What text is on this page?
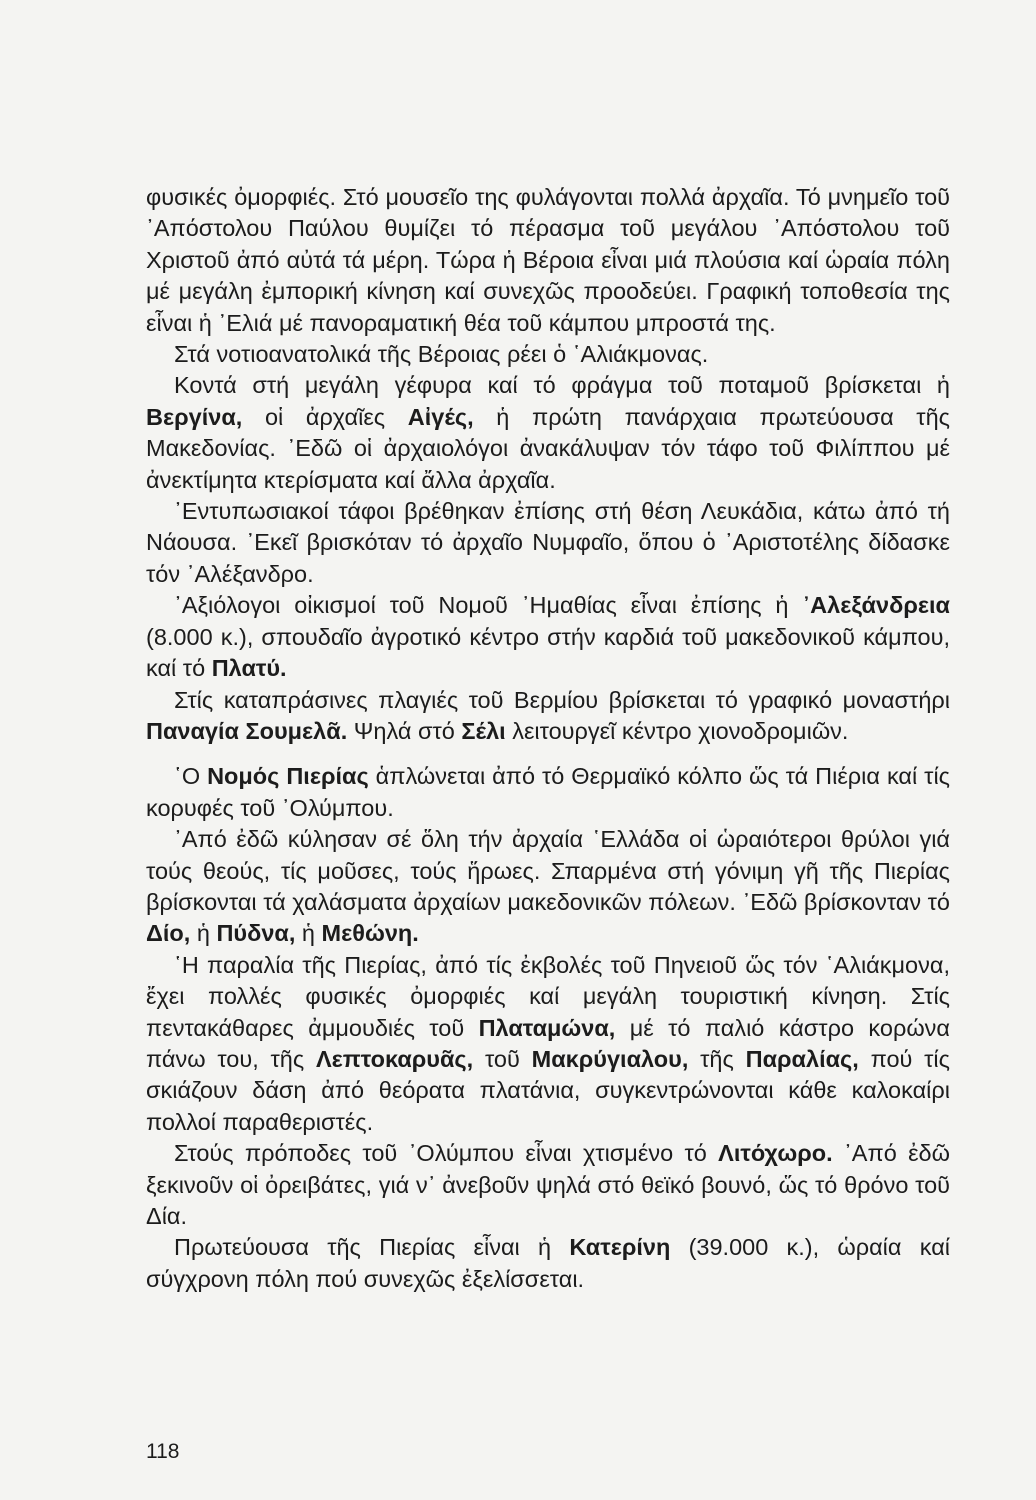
φυσικές ὀμορφιές. Στό μουσεῖο της φυλάγονται πολλά ἀρχαῖα. Τό μνημεῖο τοῦ ᾿Απόστολου Παύλου θυμίζει τό πέρασμα τοῦ μεγάλου ᾿Απόστολου τοῦ Χριστοῦ ἀπό αὐτά τά μέρη. Τώρα ἡ Βέροια εἶναι μιά πλούσια καί ὡραία πόλη μέ μεγάλη ἐμπορική κίνηση καί συνεχῶς προοδεύει. Γραφική τοποθεσία της εἶναι ἡ ᾿Ελιά μέ πανοραματική θέα τοῦ κάμπου μπροστά της.

Στά νοτιοανατολικά τῆς Βέροιας ρέει ὁ ῾Αλιάκμονας.

Κοντά στή μεγάλη γέφυρα καί τό φράγμα τοῦ ποταμοῦ βρίσκεται ἡ Βεργίνα, οἱ ἀρχαῖες Αἰγές, ἡ πρώτη πανάρχαια πρωτεύουσα τῆς Μακεδονίας. ᾿Εδῶ οἱ ἀρχαιολόγοι ἀνακάλυψαν τόν τάφο τοῦ Φιλίππου μέ ἀνεκτίμητα κτερίσματα καί ἄλλα ἀρχαῖα.

᾿Εντυπωσιακοί τάφοι βρέθηκαν ἐπίσης στή θέση Λευκάδια, κάτω ἀπό τή Νάουσα. ᾿Εκεῖ βρισκόταν τό ἀρχαῖο Νυμφαῖο, ὅπου ὁ ᾿Αριστοτέλης δίδασκε τόν ᾿Αλέξανδρο.

᾿Αξιόλογοι οἰκισμοί τοῦ Νομοῦ ᾿Ημαθίας εἶναι ἐπίσης ἡ ᾿Αλεξάνδρεια (8.000 κ.), σπουδαῖο ἀγροτικό κέντρο στήν καρδιά τοῦ μακεδονικοῦ κάμπου, καί τό Πλατύ.

Στίς καταπράσινες πλαγιές τοῦ Βερμίου βρίσκεται τό γραφικό μοναστήρι Παναγία Σουμελᾶ. Ψηλά στό Σέλι λειτουργεῖ κέντρο χιονοδρομιῶν.

῾Ο Νομός Πιερίας ἁπλώνεται ἀπό τό Θερμαϊκό κόλπο ὥς τά Πιέρια καί τίς κορυφές τοῦ ᾿Ολύμπου.

᾿Από ἐδῶ κύλησαν σέ ὅλη τήν ἀρχαία ῾Ελλάδα οἱ ὡραιότεροι θρύλοι γιά τούς θεούς, τίς μοῦσες, τούς ἥρωες. Σπαρμένα στή γόνιμη γῆ τῆς Πιερίας βρίσκονται τά χαλάσματα ἀρχαίων μακεδονικῶν πόλεων. ᾿Εδῶ βρίσκονταν τό Δίο, ἡ Πύδνα, ἡ Μεθώνη.

῾Η παραλία τῆς Πιερίας, ἀπό τίς ἐκβολές τοῦ Πηνειοῦ ὥς τόν ῾Αλιάκμονα, ἔχει πολλές φυσικές ὀμορφιές καί μεγάλη τουριστική κίνηση. Στίς πεντακάθαρες ἀμμουδιές τοῦ Πλαταμώνα, μέ τό παλιό κάστρο κορώνα πάνω του, τῆς Λεπτοκαρυᾶς, τοῦ Μακρύγιαλου, τῆς Παραλίας, πού τίς σκιάζουν δάση ἀπό θεόρατα πλατάνια, συγκεντρώνονται κάθε καλοκαίρι πολλοί παραθεριστές.

Στούς πρόποδες τοῦ ᾿Ολύμπου εἶναι χτισμένο τό Λιτόχωρο. ᾿Από ἐδῶ ξεκινοῦν οἱ ὀρειβάτες, γιά ν᾿ ἀνεβοῦν ψηλά στό θεϊκό βουνό, ὥς τό θρόνο τοῦ Δία.

Πρωτεύουσα τῆς Πιερίας εἶναι ἡ Κατερίνη (39.000 κ.), ὡραία καί σύγχρονη πόλη πού συνεχῶς ἐξελίσσεται.

118
